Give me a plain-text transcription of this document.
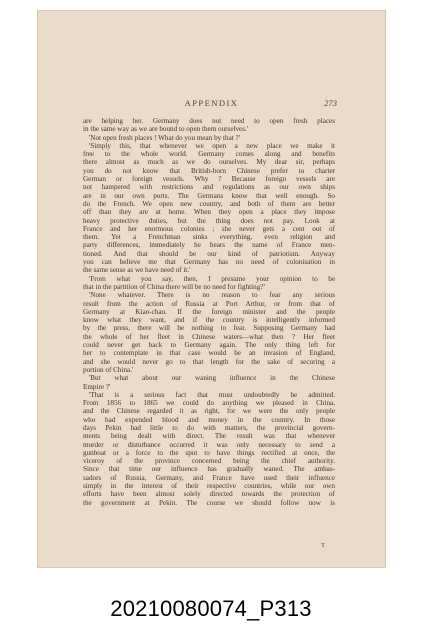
APPENDIX	273
are helping her. Germany does not need to open fresh places
in the same way as we are bound to open them ourselves.'
'Not open fresh places ! What do you mean by that ?'
'Simply this, that whenever we open a new place we make it
free to the whole world. Germany comes along and benefits
there almost as much as we do ourselves. My dear sir, perhaps
you do not know that British-born Chinese prefer to charter
German or foreign vessels. Why ? Because foreign vessels are
not hampered with restrictions and regulations as our own ships
are in our own ports. The Germans know that well enough. So
do the French. We open new country, and both of them are better
off than they are at home. When they open a place they impose
heavy protective duties, but the thing does not pay. Look at
France and her enormous colonies ; she never gets a cent out of
them. Yet a Frenchman sinks everything, even religion and
party differences, immediately he hears the name of France men-
tioned. And that should be our kind of patriotism. Anyway
you can believe me that Germany has no need of colonisation in
the same sense as we have need of it.'
'From what you say, then, I presume your opinion to be
that in the partition of China there will be no need for fighting?'
'None whatever. There is no reason to fear any serious
result from the action of Russia at Port Arthur, or from that of
Germany at Kiao-chau. If the foreign minister and the people
know what they want, and if the country is intelligently informed
by the press, there will be nothing to fear. Supposing Germany had
the whole of her fleet in Chinese waters—what then ? Her fleet
could never get back to Germany again. The only thing left for
her to contemplate in that case would be an invasion of England,
and she would never go to that length for the sake of securing a
portion of China.'
'But what about our waning influence in the Chinese
Empire ?'
'That is a serious fact that must undoubtedly be admitted.
From 1856 to 1865 we could do anything we pleased in China,
and the Chinese regarded it as right, for we were the only people
who had expended blood and money in the country. In those
days Pekin had little to do with matters, the provincial govern-
ments being dealt with direct. The result was that whenever
murder or disturbance occurred it was only necessary to send a
gunboat or a force to the spot to have things rectified at once, the
viceroy of the province concerned being the chief authority.
Since that time our influence has gradually waned. The ambas-
sadors of Russia, Germany, and France have used their influence
simply in the interest of their respective countries, while our own
efforts have been almost solely directed towards the protection of
the government at Pekin. The course we should follow now is
T
20210080074_P313
